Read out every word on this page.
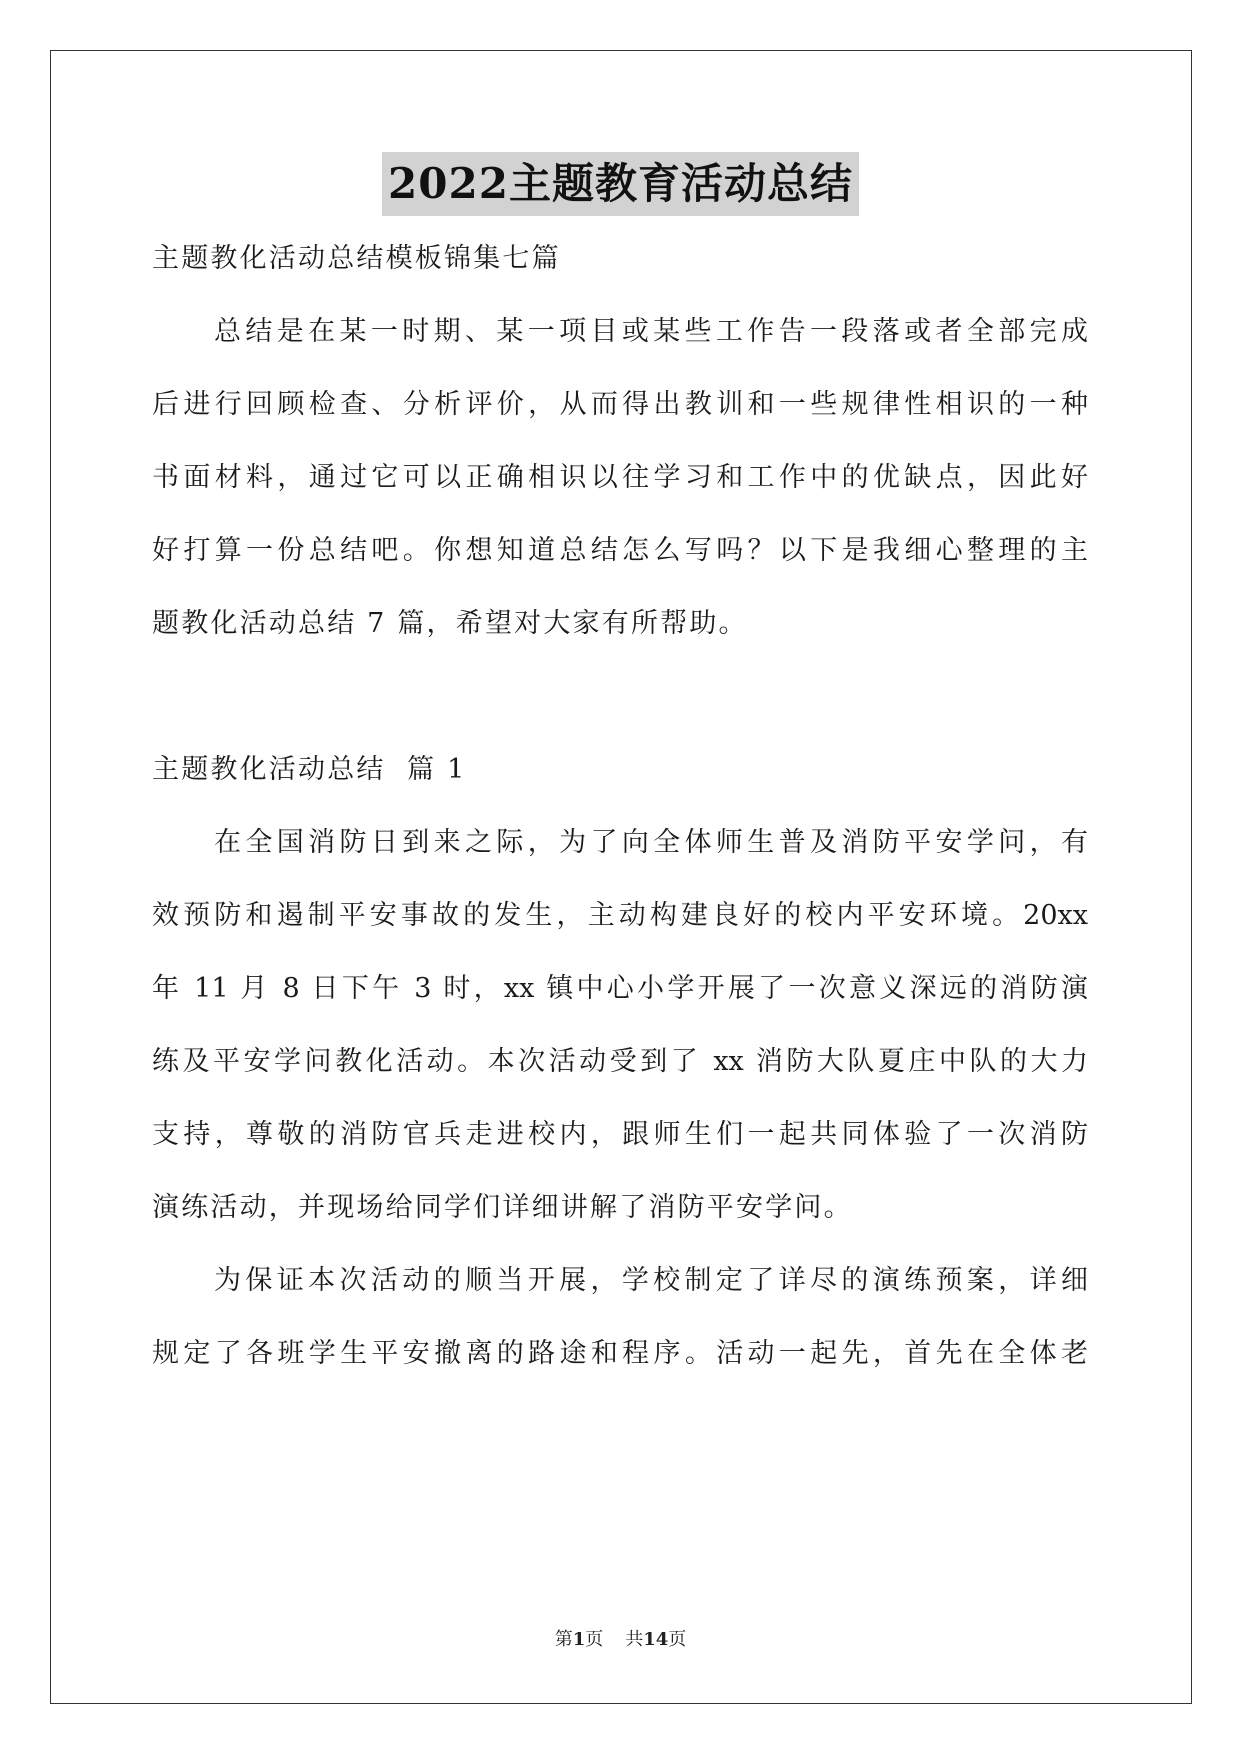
2022主题教育活动总结
主题教化活动总结模板锦集七篇
总结是在某一时期、某一项目或某些工作告一段落或者全部完成
后进行回顾检查、分析评价，从而得出教训和一些规律性相识的一种
书面材料，通过它可以正确相识以往学习和工作中的优缺点，因此好
好打算一份总结吧。你想知道总结怎么写吗？以下是我细心整理的主
题教化活动总结 7 篇，希望对大家有所帮助。
主题教化活动总结  篇 1
在全国消防日到来之际，为了向全体师生普及消防平安学问，有
效预防和遏制平安事故的发生，主动构建良好的校内平安环境。20xx
年 11 月 8 日下午 3 时，xx 镇中心小学开展了一次意义深远的消防演
练及平安学问教化活动。本次活动受到了 xx 消防大队夏庄中队的大力
支持，尊敬的消防官兵走进校内，跟师生们一起共同体验了一次消防
演练活动，并现场给同学们详细讲解了消防平安学问。
为保证本次活动的顺当开展，学校制定了详尽的演练预案，详细
规定了各班学生平安撤离的路途和程序。活动一起先，首先在全体老
第1页 共14页
